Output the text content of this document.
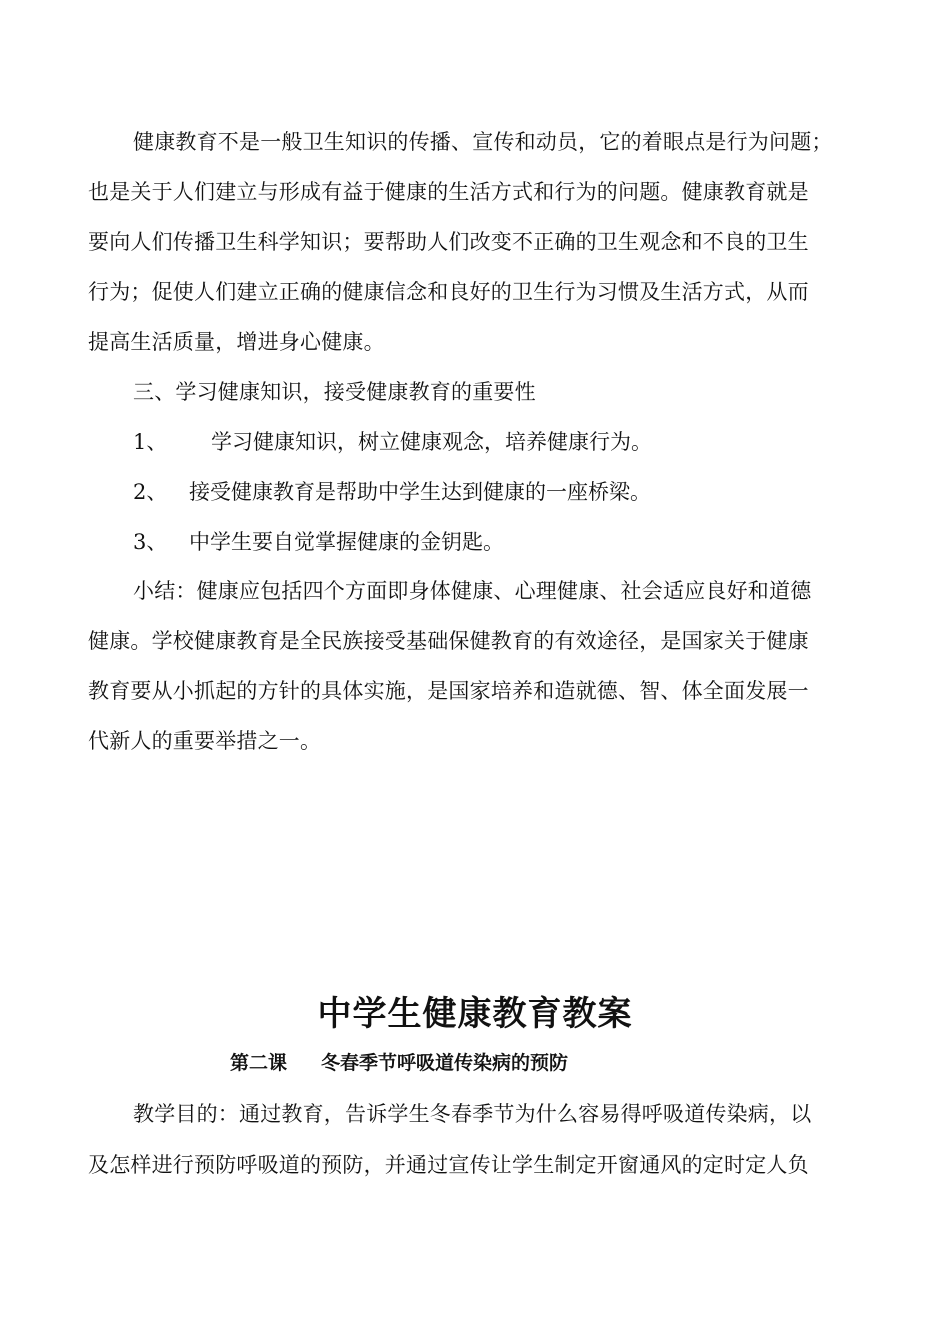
健康教育不是一般卫生知识的传播、宣传和动员，它的着眼点是行为问题；
也是关于人们建立与形成有益于健康的生活方式和行为的问题。健康教育就是
要向人们传播卫生科学知识；要帮助人们改变不正确的卫生观念和不良的卫生
行为；促使人们建立正确的健康信念和良好的卫生行为习惯及生活方式，从而
提高生活质量，增进身心健康。
三、学习健康知识，接受健康教育的重要性
1、 学习健康知识，树立健康观念，培养健康行为。
2、 接受健康教育是帮助中学生达到健康的一座桥梁。
3、 中学生要自觉掌握健康的金钥匙。
小结：健康应包括四个方面即身体健康、心理健康、社会适应良好和道德
健康。学校健康教育是全民族接受基础保健教育的有效途径，是国家关于健康
教育要从小抓起的方针的具体实施，是国家培养和造就德、智、体全面发展一
代新人的重要举措之一。
中学生健康教育教案
第二课 冬春季节呼吸道传染病的预防
教学目的：通过教育，告诉学生冬春季节为什么容易得呼吸道传染病，以
及怎样进行预防呼吸道的预防，并通过宣传让学生制定开窗通风的定时定人负
